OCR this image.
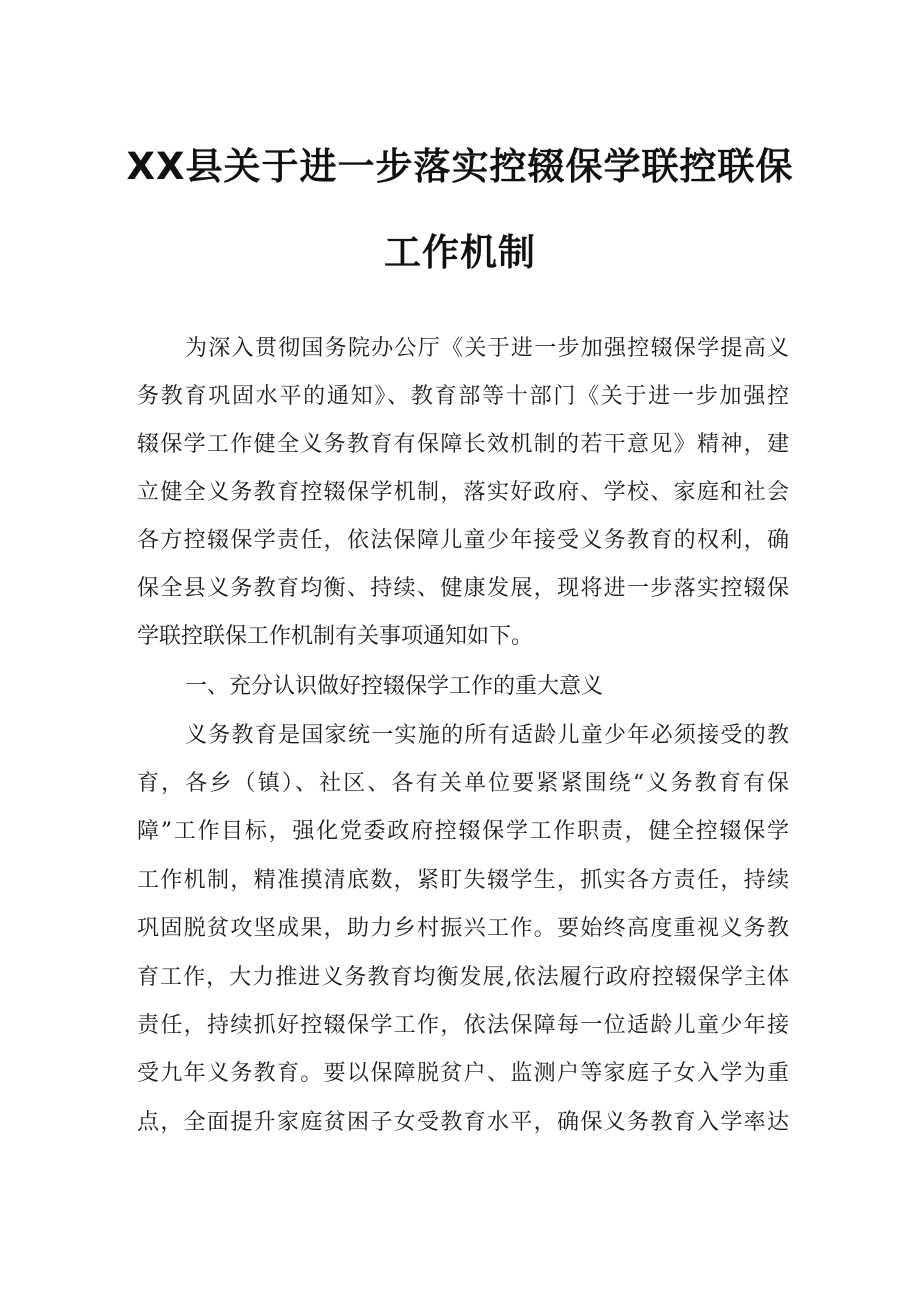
XX县关于进一步落实控辍保学联控联保
工作机制
为深入贯彻国务院办公厅《关于进一步加强控辍保学提高义
务教育巩固水平的通知》、教育部等十部门《关于进一步加强控
辍保学工作健全义务教育有保障长效机制的若干意见》精神，建
立健全义务教育控辍保学机制，落实好政府、学校、家庭和社会
各方控辍保学责任，依法保障儿童少年接受义务教育的权利，确
保全县义务教育均衡、持续、健康发展，现将进一步落实控辍保
学联控联保工作机制有关事项通知如下。
一、充分认识做好控辍保学工作的重大意义
义务教育是国家统一实施的所有适龄儿童少年必须接受的教
育，各乡（镇）、社区、各有关单位要紧紧围绕“义务教育有保
障”工作目标，强化党委政府控辍保学工作职责，健全控辍保学
工作机制，精准摸清底数，紧盯失辍学生，抓实各方责任，持续
巩固脱贫攻坚成果，助力乡村振兴工作。要始终高度重视义务教
育工作，大力推进义务教育均衡发展,依法履行政府控辍保学主体
责任，持续抓好控辍保学工作，依法保障每一位适龄儿童少年接
受九年义务教育。要以保障脱贫户、监测户等家庭子女入学为重
点，全面提升家庭贫困子女受教育水平，确保义务教育入学率达
